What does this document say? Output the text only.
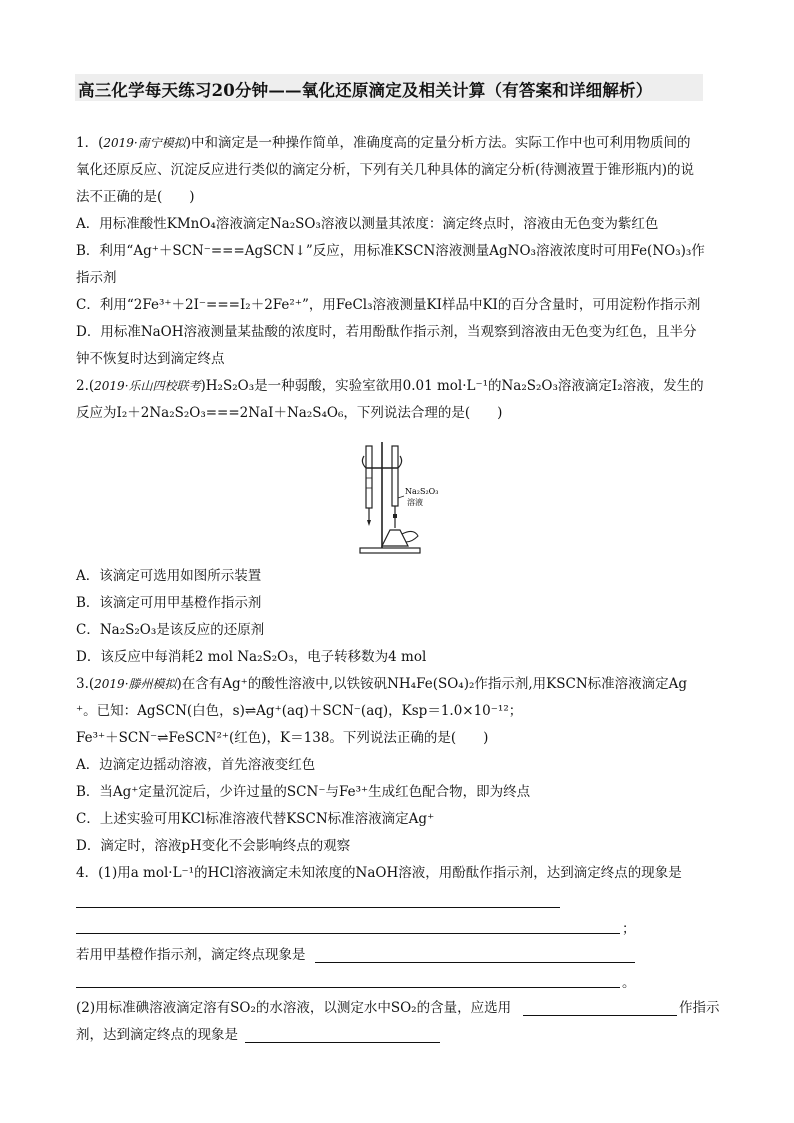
高三化学每天练习20分钟——氧化还原滴定及相关计算（有答案和详细解析）
1．(2019·南宁模拟)中和滴定是一种操作简单，准确度高的定量分析方法。实际工作中也可利用物质间的
氧化还原反应、沉淀反应进行类似的滴定分析，下列有关几种具体的滴定分析(待测液置于锥形瓶内)的说
法不正确的是(　　)
A．用标准酸性KMnO₄溶液滴定Na₂SO₃溶液以测量其浓度：滴定终点时，溶液由无色变为紫红色
B．利用“Ag⁺＋SCN⁻===AgSCN↓”反应，用标准KSCN溶液测量AgNO₃溶液浓度时可用Fe(NO₃)₃作
指示剂
C．利用“2Fe³⁺＋2I⁻===I₂＋2Fe²⁺”，用FeCl₃溶液测量KI样品中KI的百分含量时，可用淀粉作指示剂
D．用标准NaOH溶液测量某盐酸的浓度时，若用酚酞作指示剂，当观察到溶液由无色变为红色，且半分
钟不恢复时达到滴定终点
2.(2019·乐山四校联考)H₂S₂O₃是一种弱酸，实验室欲用0.01 mol·L⁻¹的Na₂S₂O₃溶液滴定I₂溶液，发生的
反应为I₂＋2Na₂S₂O₃===2NaI＋Na₂S₄O₆，下列说法合理的是(　　)
Na₂S₂O₃
溶液
A．该滴定可选用如图所示装置
B．该滴定可用甲基橙作指示剂
C．Na₂S₂O₃是该反应的还原剂
D．该反应中每消耗2 mol Na₂S₂O₃，电子转移数为4 mol
3.(2019·滕州模拟)在含有Ag⁺的酸性溶液中,以铁铵矾NH₄Fe(SO₄)₂作指示剂,用KSCN标准溶液滴定Ag
⁺。已知：AgSCN(白色，s)⇌Ag⁺(aq)＋SCN⁻(aq)，Ksp＝1.0×10⁻¹²；
Fe³⁺＋SCN⁻⇌FeSCN²⁺(红色)，K＝138。下列说法正确的是(　　)
A．边滴定边摇动溶液，首先溶液变红色
B．当Ag⁺定量沉淀后，少许过量的SCN⁻与Fe³⁺生成红色配合物，即为终点
C．上述实验可用KCl标准溶液代替KSCN标准溶液滴定Ag⁺
D．滴定时，溶液pH变化不会影响终点的观察
4．(1)用a mol·L⁻¹的HCl溶液滴定未知浓度的NaOH溶液，用酚酞作指示剂，达到滴定终点的现象是
；
若用甲基橙作指示剂，滴定终点现象是
。
(2)用标准碘溶液滴定溶有SO₂的水溶液，以测定水中SO₂的含量，应选用	作指示
剂，达到滴定终点的现象是
